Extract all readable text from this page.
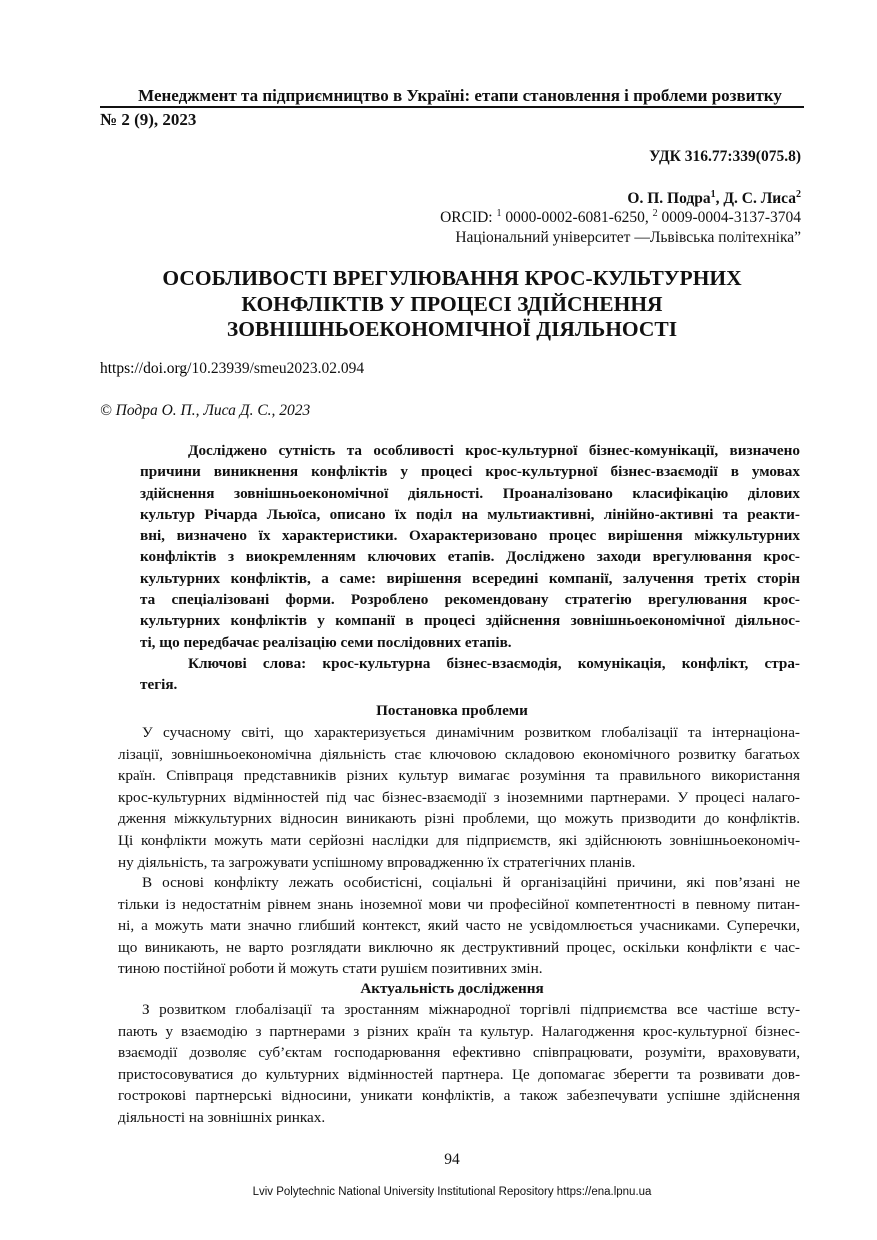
Менеджмент та підприємництво в Україні: етапи становлення і проблеми розвитку
№ 2 (9), 2023
УДК 316.77:339(075.8)
О. П. Подра$^1$, Д. С. Лиса$^2$
ORCID: $^1$ 0000-0002-6081-6250, $^2$ 0009-0004-3137-3704
Національний університет ―Львівська політехніка”
ОСОБЛИВОСТІ ВРЕГУЛЮВАННЯ КРОС-КУЛЬТУРНИХ
КОНФЛІКТІВ У ПРОЦЕСІ ЗДІЙСНЕННЯ
ЗОВНІШНЬОЕКОНОМІЧНОЇ ДІЯЛЬНОСТІ
https://doi.org/10.23939/smeu2023.02.094
© Подра О. П., Лиса Д. С., 2023
Досліджено сутність та особливості крос-культурної бізнес-комунікації, визначено
причини виникнення конфліктів у процесі крос-культурної бізнес-взаємодії в умовах
здійснення зовнішньоекономічної діяльності. Проаналізовано класифікацію ділових
культур Річарда Льюїса, описано їх поділ на мультиактивні, лінійно-активні та реакти-
вні, визначено їх характеристики. Охарактеризовано процес вирішення міжкультурних
конфліктів з виокремленням ключових етапів. Досліджено заходи врегулювання крос-
культурних конфліктів, а саме: вирішення всередині компанії, залучення третіх сторін
та спеціалізовані форми. Розроблено рекомендовану стратегію врегулювання крос-
культурних конфліктів у компанії в процесі здійснення зовнішньоекономічної діяльнос-
ті, що передбачає реалізацію семи послідовних етапів.
Ключові слова: крос-культурна бізнес-взаємодія, комунікація, конфлікт, стра-
тегія.
Постановка проблеми
У сучасному світі, що характеризується динамічним розвитком глобалізації та інтернаціона-
лізації, зовнішньоекономічна діяльність стає ключовою складовою економічного розвитку багатьох
країн. Співпраця представників різних культур вимагає розуміння та правильного використання
крос-культурних відмінностей під час бізнес-взаємодії з іноземними партнерами. У процесі налаго-
дження міжкультурних відносин виникають різні проблеми, що можуть призводити до конфліктів.
Ці конфлікти можуть мати серйозні наслідки для підприємств, які здійснюють зовнішньоекономіч-
ну діяльність, та загрожувати успішному впровадженню їх стратегічних планів.
В основі конфлікту лежать особистісні, соціальні й організаційні причини, які пов’язані не
тільки із недостатнім рівнем знань іноземної мови чи професійної компетентності в певному питан-
ні, а можуть мати значно глибший контекст, який часто не усвідомлюється учасниками. Суперечки,
що виникають, не варто розглядати виключно як деструктивний процес, оскільки конфлікти є час-
тиною постійної роботи й можуть стати рушієм позитивних змін.
Актуальність дослідження
З розвитком глобалізації та зростанням міжнародної торгівлі підприємства все частіше всту-
пають у взаємодію з партнерами з різних країн та культур. Налагодження крос-культурної бізнес-
взаємодії дозволяє суб’єктам господарювання ефективно співпрацювати, розуміти, враховувати,
пристосовуватися до культурних відмінностей партнера. Це допомагає зберегти та розвивати дов-
гострокові партнерські відносини, уникати конфліктів, а також забезпечувати успішне здійснення
діяльності на зовнішніх ринках.
94
Lviv Polytechnic National University Institutional Repository https://ena.lpnu.ua
